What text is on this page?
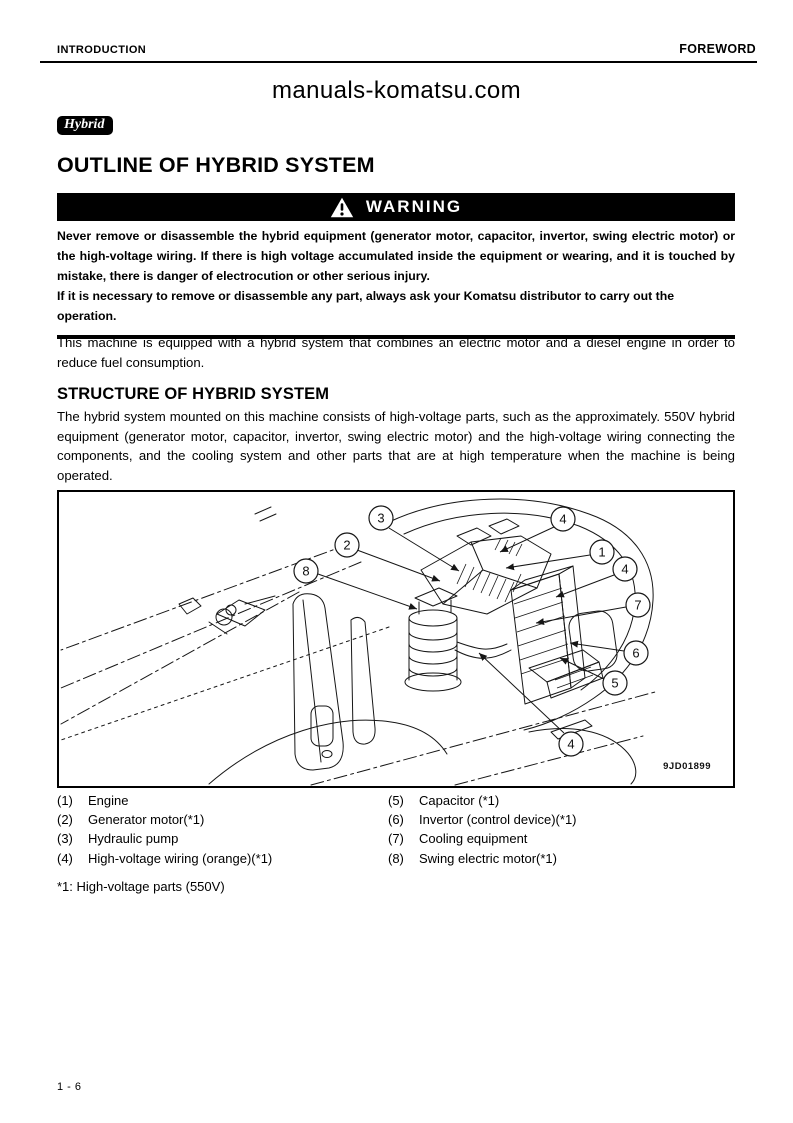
INTRODUCTION	FOREWORD
manuals-komatsu.com
Hybrid
OUTLINE OF HYBRID SYSTEM
WARNING

Never remove or disassemble the hybrid equipment (generator motor, capacitor, invertor, swing electric motor) or the high-voltage wiring. If there is high voltage accumulated inside the equipment or wearing, and it is touched by mistake, there is danger of electrocution or other serious injury.

If it is necessary to remove or disassemble any part, always ask your Komatsu distributor to carry out the operation.

This machine is equipped with a hybrid system that combines an electric motor and a diesel engine in order to reduce fuel consumption.

STRUCTURE OF HYBRID SYSTEM

The hybrid system mounted on this machine consists of high-voltage parts, such as the approximately. 550V hybrid equipment (generator motor, capacitor, invertor, swing electric motor) and the high-voltage wiring connecting the components, and the cooling system and other parts that are at high temperature when the machine is being operated.

3	4
2	1
4
8
7
6
5
4
9JD01899
(1) Engine
(2) Generator motor(*1)
(3) Hydraulic pump
(4) High-voltage wiring (orange)(*1)
(5) Capacitor (*1)
(6) Invertor (control device)(*1)
(7) Cooling equipment
(8) Swing electric motor(*1)
*1: High-voltage parts (550V)
1 - 6
